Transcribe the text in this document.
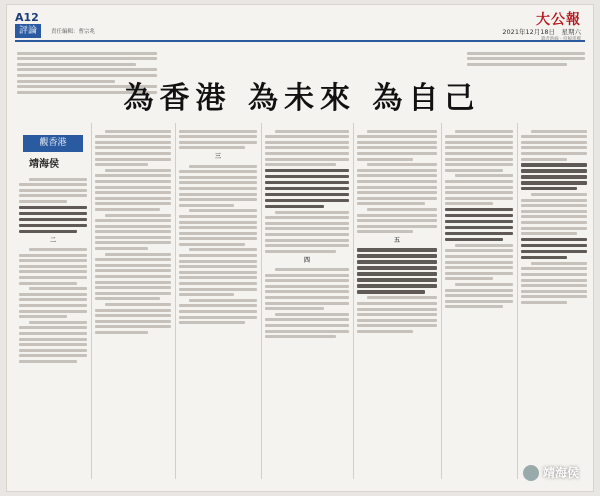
A12
評論	責任編輯：曹宗兆
大公報
2021年12月18日　星期六
為香港 為未來 為自己
觀香港
靖海侯
二
三
四
五
靖海侯
